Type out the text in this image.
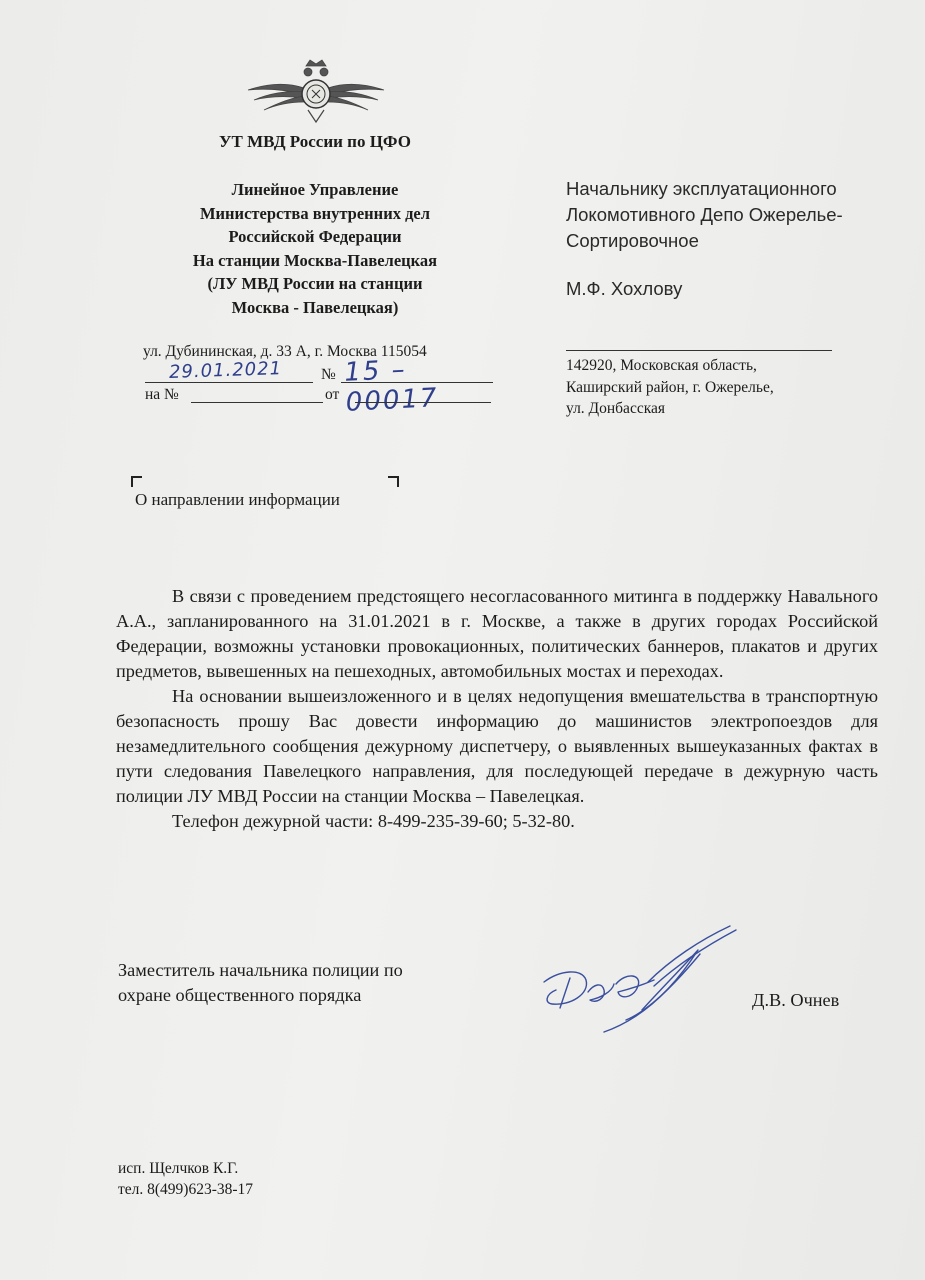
УТ МВД России по ЦФО
Линейное Управление
Министерства внутренних дел
Российской Федерации
На станции Москва-Павелецкая
(ЛУ МВД России на станции
Москва - Павелецкая)
ул. Дубининская, д. 33 А, г. Москва 115054
29.01.2021 № 15 – 00017
на №	от
Начальнику эксплуатационного
Локомотивного Депо Ожерелье-
Сортировочное
М.Ф. Хохлову
142920, Московская область,
Каширский район, г. Ожерелье,
ул. Донбасская
О направлении информации

В связи с проведением предстоящего несогласованного митинга в поддержку Навального А.А., запланированного на 31.01.2021 в г. Москве, а также в других городах Российской Федерации, возможны установки провокационных, политических баннеров, плакатов и других предметов, вывешенных на пешеходных, автомобильных мостах и переходах.

На основании вышеизложенного и в целях недопущения вмешательства в транспортную безопасность прошу Вас довести информацию до машинистов электропоездов для незамедлительного сообщения дежурному диспетчеру, о выявленных вышеуказанных фактах в пути следования Павелецкого направления, для последующей передаче в дежурную часть полиции ЛУ МВД России на станции Москва – Павелецкая.

Телефон дежурной части: 8-499-235-39-60; 5-32-80.

Заместитель начальника полиции по
охране общественного порядка	Д.В. Очнев
исп. Щелчков К.Г.
тел. 8(499)623-38-17
